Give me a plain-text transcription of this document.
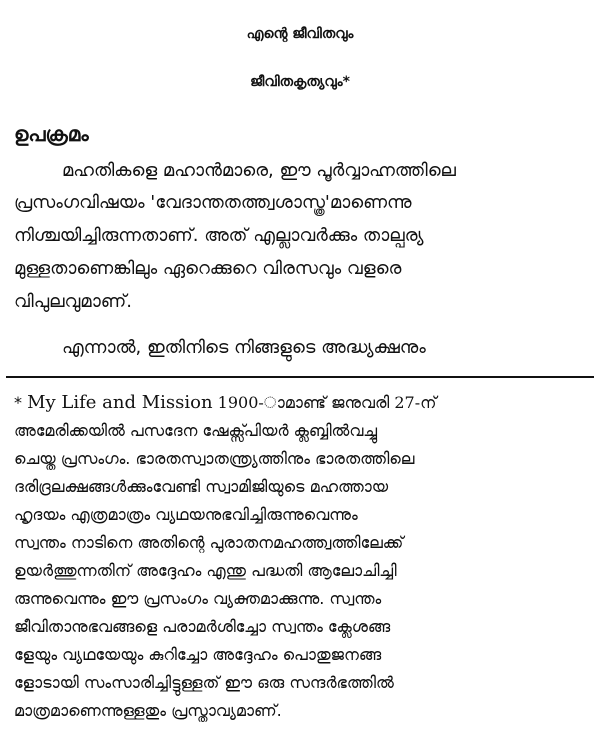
എന്റെ ജീവിതവും
ജീവിതകൃത്യവും*
ഉപക്രമം
മഹതികളെ മഹാൻമാരെ, ഈ പൂർവ്വാഹ്നത്തിലെ
പ്രസംഗവിഷയം 'വേദാന്തതത്ത്വശാസ്ത്ര'മാണെന്നു
നിശ്ചയിച്ചിരുന്നതാണ്. അത് എല്ലാവർക്കും താല്പര്യ
മുള്ളതാണെങ്കിലും ഏറെക്കുറെ വിരസവും വളരെ
വിപുലവുമാണ്.
എന്നാൽ, ഇതിനിടെ നിങ്ങളുടെ അദ്ധ്യക്ഷനും
* My Life and Mission 1900-ാമാണ്ട് ജനുവരി 27-ന്
അമേരിക്കയിൽ പസദേന ഷേക്സ്പിയർ ക്ലബ്ബിൽവച്ചു
ചെയ്ത പ്രസംഗം. ഭാരതസ്വാതന്ത്ര്യത്തിനും ഭാരതത്തിലെ
ദരിദ്രലക്ഷങ്ങൾക്കുംവേണ്ടി സ്വാമിജിയുടെ മഹത്തായ
ഹൃദയം എത്രമാത്രം വ്യഥയനുഭവിച്ചിരുന്നുവെന്നും
സ്വന്തം നാടിനെ അതിന്റെ പുരാതനമഹത്ത്വത്തിലേക്ക്
ഉയർത്തുന്നതിന് അദ്ദേഹം എന്തു പദ്ധതി ആലോചിച്ചി
രുന്നുവെന്നും ഈ പ്രസംഗം വ്യക്തമാക്കുന്നു. സ്വന്തം
ജീവിതാനുഭവങ്ങളെ പരാമർശിച്ചോ സ്വന്തം ക്ലേശങ്ങ
ളേയും വ്യഥയേയും കുറിച്ചോ അദ്ദേഹം പൊതുജനങ്ങ
ളോടായി സംസാരിച്ചിട്ടുള്ളത് ഈ ഒരു സന്ദർഭത്തിൽ
മാത്രമാണെന്നുള്ളതും പ്രസ്താവ്യമാണ്.
